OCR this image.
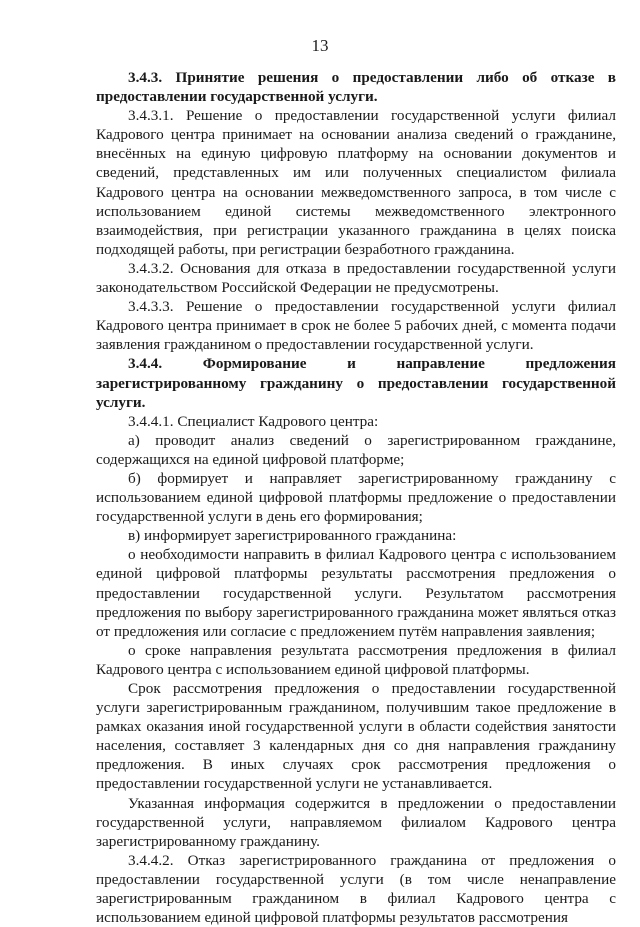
13

3.4.3. Принятие решения о предоставлении либо об отказе в предоставлении государственной услуги.

3.4.3.1. Решение о предоставлении государственной услуги филиал Кадрового центра принимает на основании анализа сведений о гражданине, внесённых на единую цифровую платформу на основании документов и сведений, представленных им или полученных специалистом филиала Кадрового центра на основании межведомственного запроса, в том числе с использованием единой системы межведомственного электронного взаимодействия, при регистрации указанного гражданина в целях поиска подходящей работы, при регистрации безработного гражданина.

3.4.3.2. Основания для отказа в предоставлении государственной услуги законодательством Российской Федерации не предусмотрены.

3.4.3.3. Решение о предоставлении государственной услуги филиал Кадрового центра принимает в срок не более 5 рабочих дней, с момента подачи заявления гражданином о предоставлении государственной услуги.

3.4.4. Формирование и направление предложения зарегистрированному гражданину о предоставлении государственной услуги.

3.4.4.1. Специалист Кадрового центра:

а) проводит анализ сведений о зарегистрированном гражданине, содержащихся на единой цифровой платформе;

б) формирует и направляет зарегистрированному гражданину с использованием единой цифровой платформы предложение о предоставлении государственной услуги в день его формирования;

в) информирует зарегистрированного гражданина:

о необходимости направить в филиал Кадрового центра с использованием единой цифровой платформы результаты рассмотрения предложения о предоставлении государственной услуги. Результатом рассмотрения предложения по выбору зарегистрированного гражданина может являться отказ от предложения или согласие с предложением путём направления заявления;

о сроке направления результата рассмотрения предложения в филиал Кадрового центра с использованием единой цифровой платформы.

Срок рассмотрения предложения о предоставлении государственной услуги зарегистрированным гражданином, получившим такое предложение в рамках оказания иной государственной услуги в области содействия занятости населения, составляет 3 календарных дня со дня направления гражданину предложения. В иных случаях срок рассмотрения предложения о предоставлении государственной услуги не устанавливается.

Указанная информация содержится в предложении о предоставлении государственной услуги, направляемом филиалом Кадрового центра зарегистрированному гражданину.

3.4.4.2. Отказ зарегистрированного гражданина от предложения о предоставлении государственной услуги (в том числе ненаправление зарегистрированным гражданином в филиал Кадрового центра с использованием единой цифровой платформы результатов рассмотрения
